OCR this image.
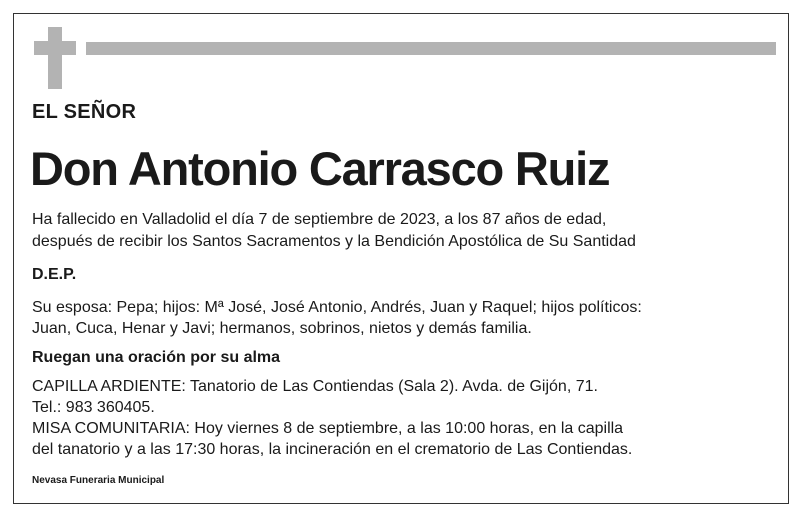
EL SEÑOR
Don Antonio Carrasco Ruiz
Ha fallecido en Valladolid el día 7 de septiembre de 2023, a los 87 años de edad,
después de recibir los Santos Sacramentos y la Bendición Apostólica de Su Santidad
D.E.P.
Su esposa: Pepa; hijos: Mª José, José Antonio, Andrés, Juan y Raquel; hijos políticos:
Juan, Cuca, Henar y Javi; hermanos, sobrinos, nietos y demás familia.
Ruegan una oración por su alma
CAPILLA ARDIENTE: Tanatorio de Las Contiendas (Sala 2). Avda. de Gijón, 71.
Tel.: 983 360405.
MISA COMUNITARIA: Hoy viernes 8 de septiembre, a las 10:00 horas, en la capilla
del tanatorio y a las 17:30 horas, la incineración en el crematorio de Las Contiendas.
Nevasa Funeraria Municipal
